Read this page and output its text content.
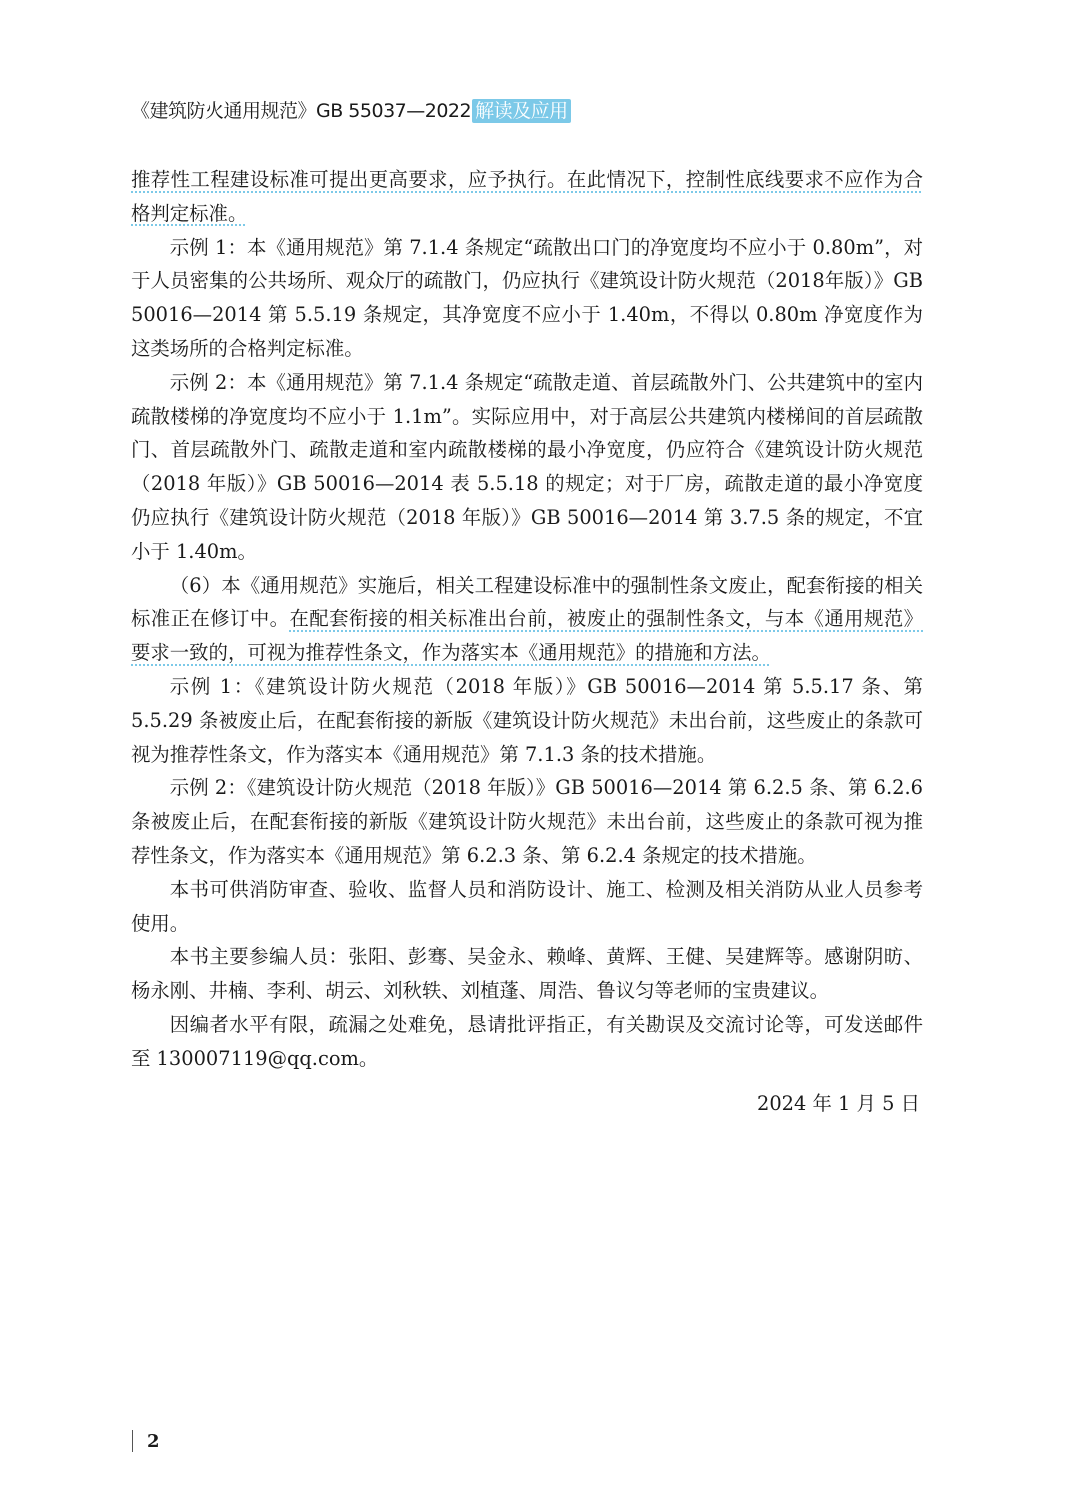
《建筑防火通用规范》GB 55037—2022 解读及应用

推荐性工程建设标准可提出更高要求，应予执行。在此情况下，控制性底线要求不应作为合格判定标准。

示例 1：本《通用规范》第 7.1.4 条规定“疏散出口门的净宽度均不应小于 0.80m”，对于人员密集的公共场所、观众厅的疏散门，仍应执行《建筑设计防火规范（2018年版）》GB 50016—2014 第 5.5.19 条规定，其净宽度不应小于 1.40m，不得以 0.80m 净宽度作为这类场所的合格判定标准。

示例 2：本《通用规范》第 7.1.4 条规定“疏散走道、首层疏散外门、公共建筑中的室内疏散楼梯的净宽度均不应小于 1.1m”。实际应用中，对于高层公共建筑内楼梯间的首层疏散门、首层疏散外门、疏散走道和室内疏散楼梯的最小净宽度，仍应符合《建筑设计防火规范（2018 年版）》GB 50016—2014 表 5.5.18 的规定；对于厂房，疏散走道的最小净宽度仍应执行《建筑设计防火规范（2018 年版）》GB 50016—2014 第 3.7.5 条的规定，不宜小于 1.40m。

（6）本《通用规范》实施后，相关工程建设标准中的强制性条文废止，配套衔接的相关标准正在修订中。在配套衔接的相关标准出台前，被废止的强制性条文，与本《通用规范》要求一致的，可视为推荐性条文，作为落实本《通用规范》的措施和方法。

示例 1：《建筑设计防火规范（2018 年版）》GB 50016—2014 第 5.5.17 条、第 5.5.29 条被废止后，在配套衔接的新版《建筑设计防火规范》未出台前，这些废止的条款可视为推荐性条文，作为落实本《通用规范》第 7.1.3 条的技术措施。

示例 2：《建筑设计防火规范（2018 年版）》GB 50016—2014 第 6.2.5 条、第 6.2.6 条被废止后，在配套衔接的新版《建筑设计防火规范》未出台前，这些废止的条款可视为推荐性条文，作为落实本《通用规范》第 6.2.3 条、第 6.2.4 条规定的技术措施。

本书可供消防审查、验收、监督人员和消防设计、施工、检测及相关消防从业人员参考使用。

本书主要参编人员：张阳、彭骞、吴金永、赖峰、黄辉、王健、吴建辉等。感谢阴昉、杨永刚、井楠、李利、胡云、刘秋轶、刘植蓬、周浩、鲁议匀等老师的宝贵建议。

因编者水平有限，疏漏之处难免，恳请批评指正，有关勘误及交流讨论等，可发送邮件至 130007119@qq.com。

2024 年 1 月 5 日
2
